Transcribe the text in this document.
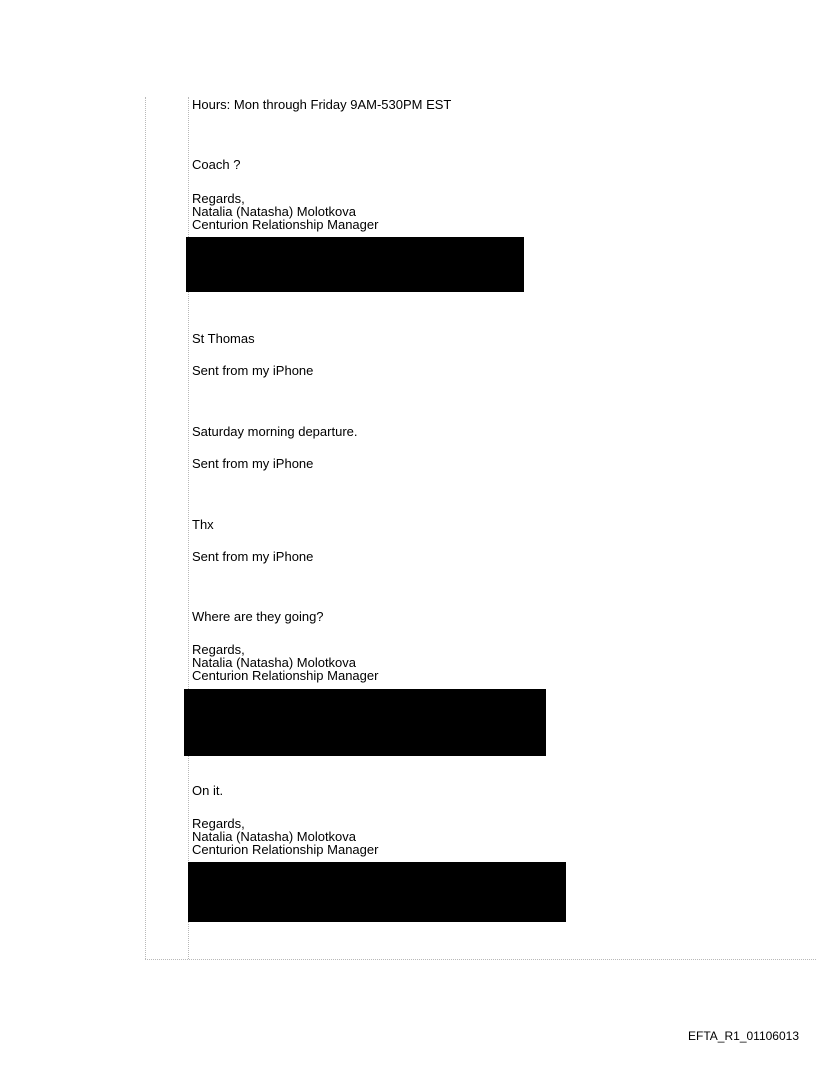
Hours: Mon through Friday 9AM-530PM EST
Coach ?
Regards,
Natalia (Natasha) Molotkova
Centurion Relationship Manager
St Thomas
Sent from my iPhone
Saturday morning departure.
Sent from my iPhone
Thx
Sent from my iPhone
Where are they going?
Regards,
Natalia (Natasha) Molotkova
Centurion Relationship Manager
On it.
Regards,
Natalia (Natasha) Molotkova
Centurion Relationship Manager
EFTA_R1_01106013
